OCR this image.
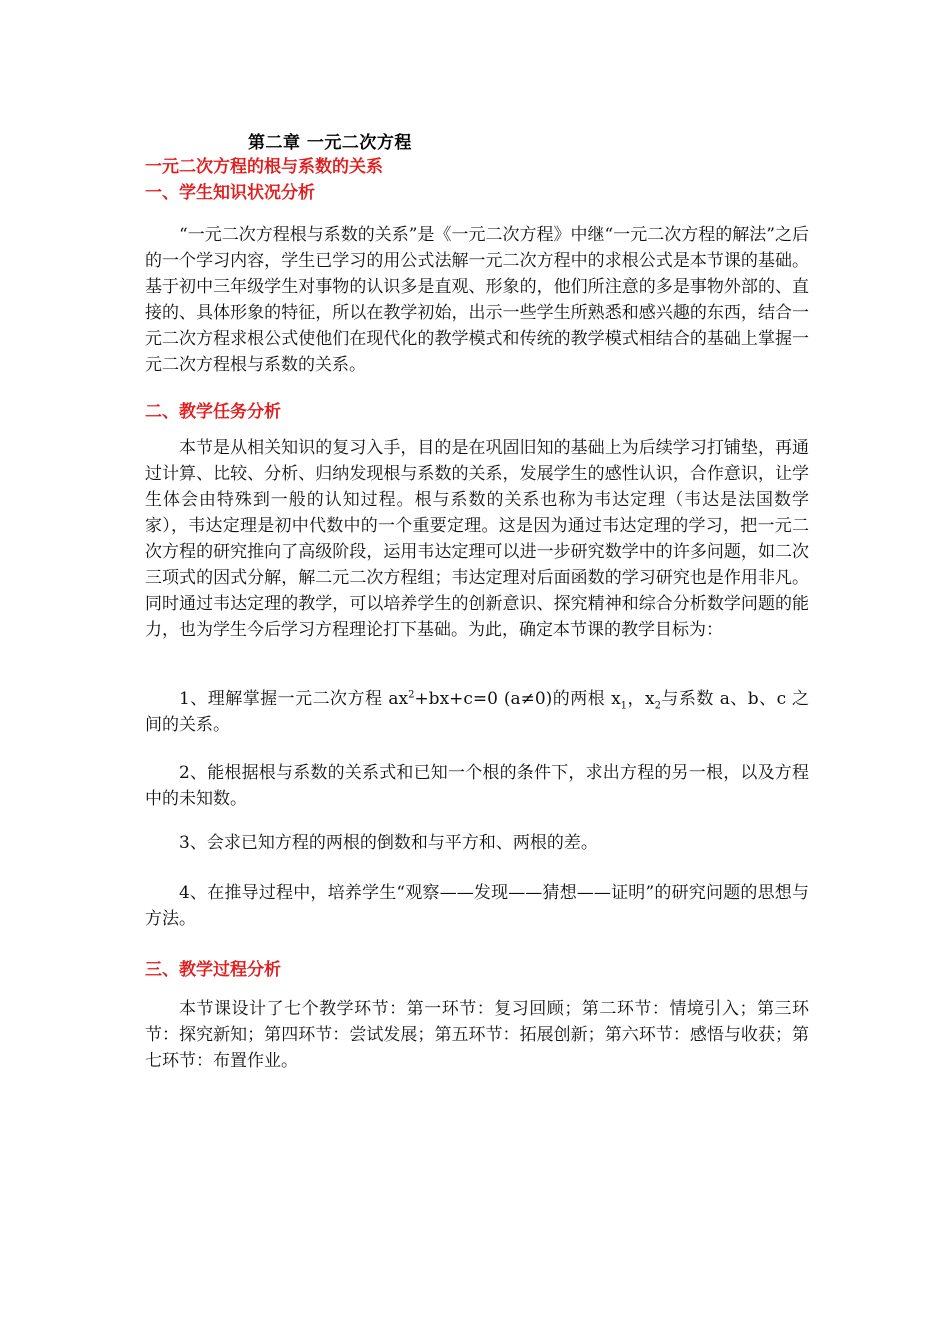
第二章 一元二次方程
一元二次方程的根与系数的关系
一、学生知识状况分析

“一元二次方程根与系数的关系”是《一元二次方程》中继“一元二次方程的解法”之后的一个学习内容，学生已学习的用公式法解一元二次方程中的求根公式是本节课的基础。基于初中三年级学生对事物的认识多是直观、形象的，他们所注意的多是事物外部的、直接的、具体形象的特征，所以在教学初始，出示一些学生所熟悉和感兴趣的东西，结合一元二次方程求根公式使他们在现代化的教学模式和传统的教学模式相结合的基础上掌握一元二次方程根与系数的关系。

二、教学任务分析

本节是从相关知识的复习入手，目的是在巩固旧知的基础上为后续学习打铺垫，再通过计算、比较、分析、归纳发现根与系数的关系，发展学生的感性认识，合作意识，让学生体会由特殊到一般的认知过程。根与系数的关系也称为韦达定理（韦达是法国数学家），韦达定理是初中代数中的一个重要定理。这是因为通过韦达定理的学习，把一元二次方程的研究推向了高级阶段，运用韦达定理可以进一步研究数学中的许多问题，如二次三项式的因式分解，解二元二次方程组；韦达定理对后面函数的学习研究也是作用非凡。同时通过韦达定理的教学，可以培养学生的创新意识、探究精神和综合分析数学问题的能力，也为学生今后学习方程理论打下基础。为此，确定本节课的教学目标为：

1、理解掌握一元二次方程 $ax^2+bx+c=0$ (a≠0)的两根 $x_1$，$x_2$与系数 a、b、c 之间的关系。

2、能根据根与系数的关系式和已知一个根的条件下，求出方程的另一根，以及方程中的未知数。

3、会求已知方程的两根的倒数和与平方和、两根的差。

4、在推导过程中，培养学生“观察——发现——猜想——证明”的研究问题的思想与方法。

三、教学过程分析

本节课设计了七个教学环节：第一环节：复习回顾；第二环节：情境引入；第三环节：探究新知；第四环节：尝试发展；第五环节：拓展创新；第六环节：感悟与收获；第七环节：布置作业。
